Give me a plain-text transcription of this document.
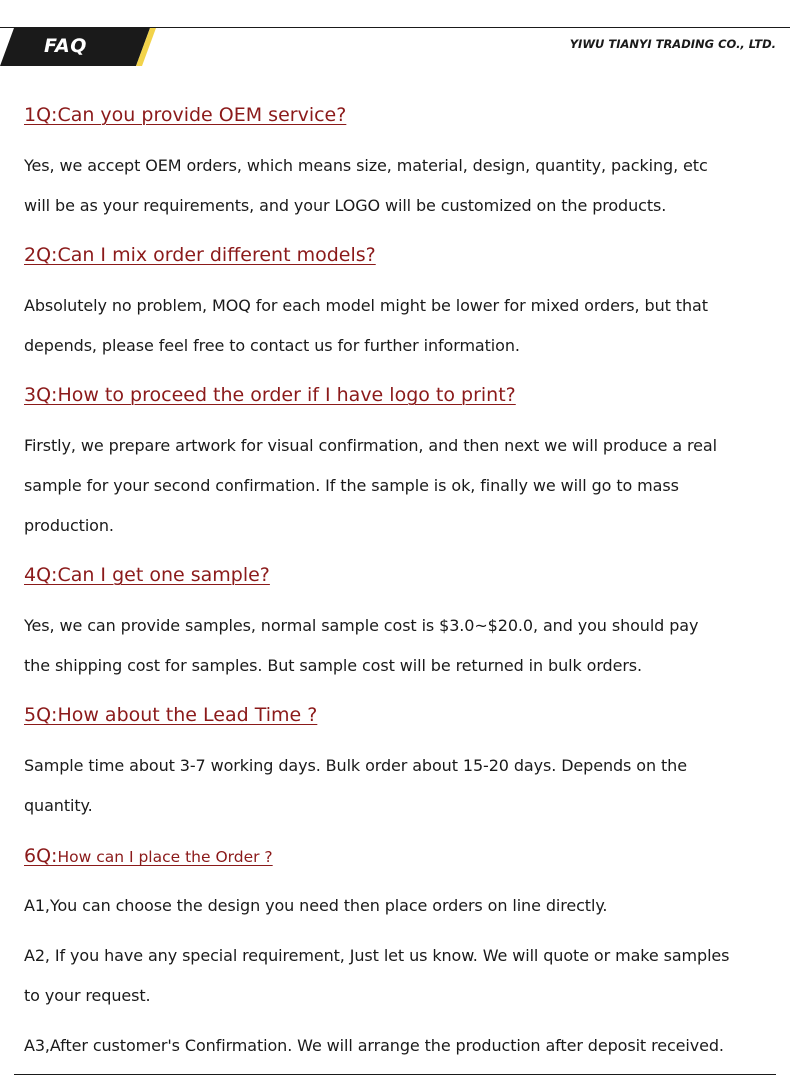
FAQ	YIWU TIANYI TRADING CO., LTD.
1Q:Can you provide OEM service?
Yes, we accept OEM orders, which means size, material, design, quantity, packing, etc
will be as your requirements, and your LOGO will be customized on the products.
2Q:Can I mix order different models?
Absolutely no problem, MOQ for each model might be lower for mixed orders, but that
depends, please feel free to contact us for further information.
3Q:How to proceed the order if I have logo to print?
Firstly, we prepare artwork for visual confirmation, and then next we will produce a real
sample for your second confirmation. If the sample is ok, finally we will go to mass
production.
4Q:Can I get one sample?
Yes, we can provide samples, normal sample cost is $3.0~$20.0, and you should pay
the shipping cost for samples. But sample cost will be returned in bulk orders.
5Q:How about the Lead Time ?
Sample time about 3-7 working days. Bulk order about 15-20 days. Depends on the
quantity.
6Q:How can I place the Order ?
A1,You can choose the design you need then place orders on line directly.
A2, If you have any special requirement, Just let us know. We will quote or make samples
to your request.
A3,After customer's Confirmation. We will arrange the production after deposit received.
